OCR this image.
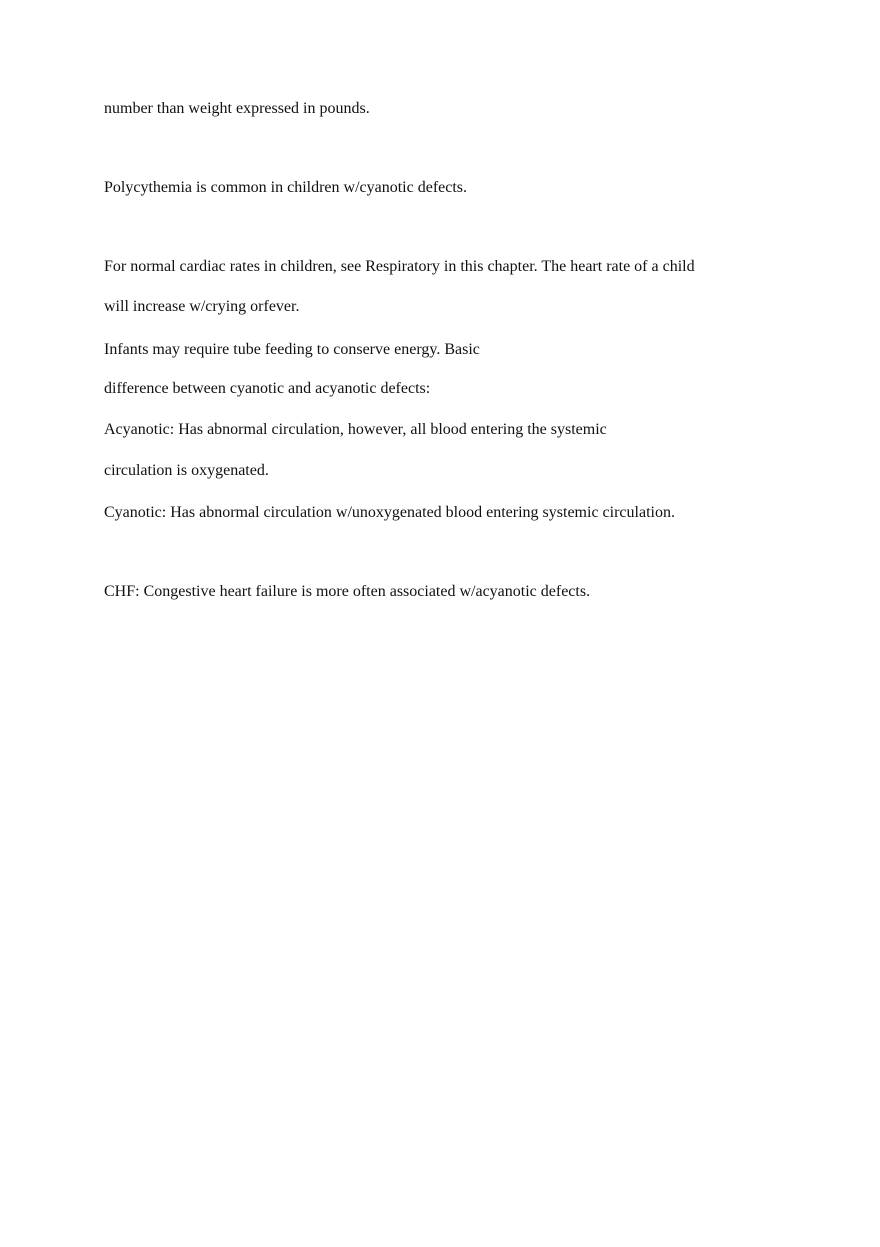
number than weight expressed in pounds.

Polycythemia is common in children w/cyanotic defects.

For normal cardiac rates in children, see Respiratory in this chapter. The heart rate of a child

will increase w/crying orfever.

Infants may require tube feeding to conserve energy. Basic

difference between cyanotic and acyanotic defects:

Acyanotic: Has abnormal circulation, however, all blood entering the systemic

circulation is oxygenated.

Cyanotic: Has abnormal circulation w/unoxygenated blood entering systemic circulation.

CHF: Congestive heart failure is more often associated w/acyanotic defects.
